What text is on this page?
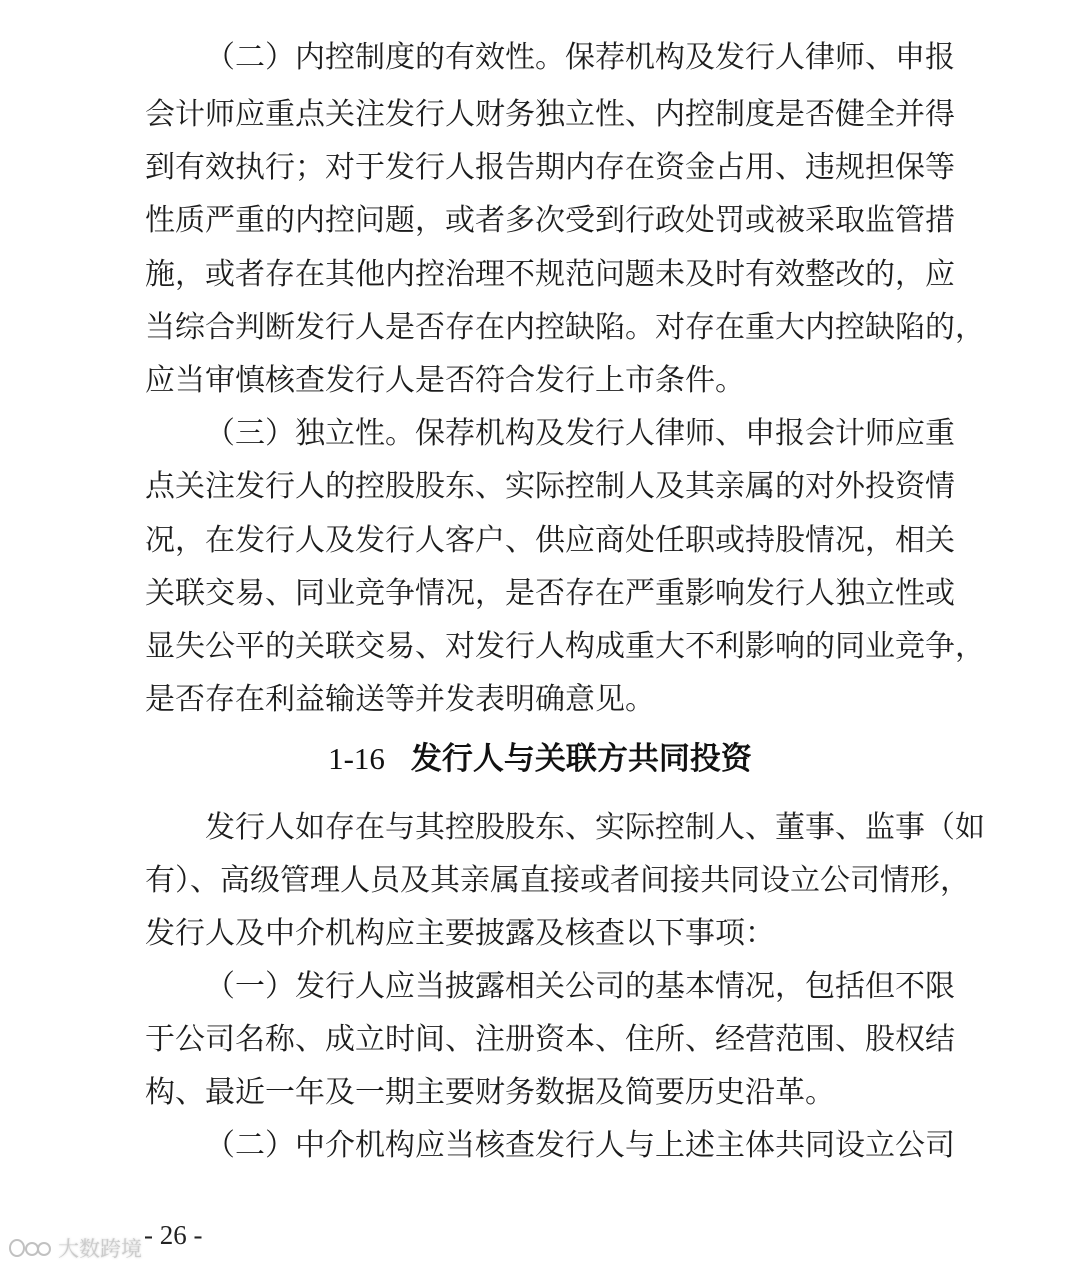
（二）内控制度的有效性。保荐机构及发行人律师、申报
会计师应重点关注发行人财务独立性、内控制度是否健全并得
到有效执行；对于发行人报告期内存在资金占用、违规担保等
性质严重的内控问题，或者多次受到行政处罚或被采取监管措
施，或者存在其他内控治理不规范问题未及时有效整改的，应
当综合判断发行人是否存在内控缺陷。对存在重大内控缺陷的，
应当审慎核查发行人是否符合发行上市条件。
（三）独立性。保荐机构及发行人律师、申报会计师应重
点关注发行人的控股股东、实际控制人及其亲属的对外投资情
况，在发行人及发行人客户、供应商处任职或持股情况，相关
关联交易、同业竞争情况，是否存在严重影响发行人独立性或
显失公平的关联交易、对发行人构成重大不利影响的同业竞争，
是否存在利益输送等并发表明确意见。
1-16 发行人与关联方共同投资
发行人如存在与其控股股东、实际控制人、董事、监事（如
有）、高级管理人员及其亲属直接或者间接共同设立公司情形，
发行人及中介机构应主要披露及核查以下事项：
（一）发行人应当披露相关公司的基本情况，包括但不限
于公司名称、成立时间、注册资本、住所、经营范围、股权结
构、最近一年及一期主要财务数据及简要历史沿革。
（二）中介机构应当核查发行人与上述主体共同设立公司
- 26 -
大数跨境
